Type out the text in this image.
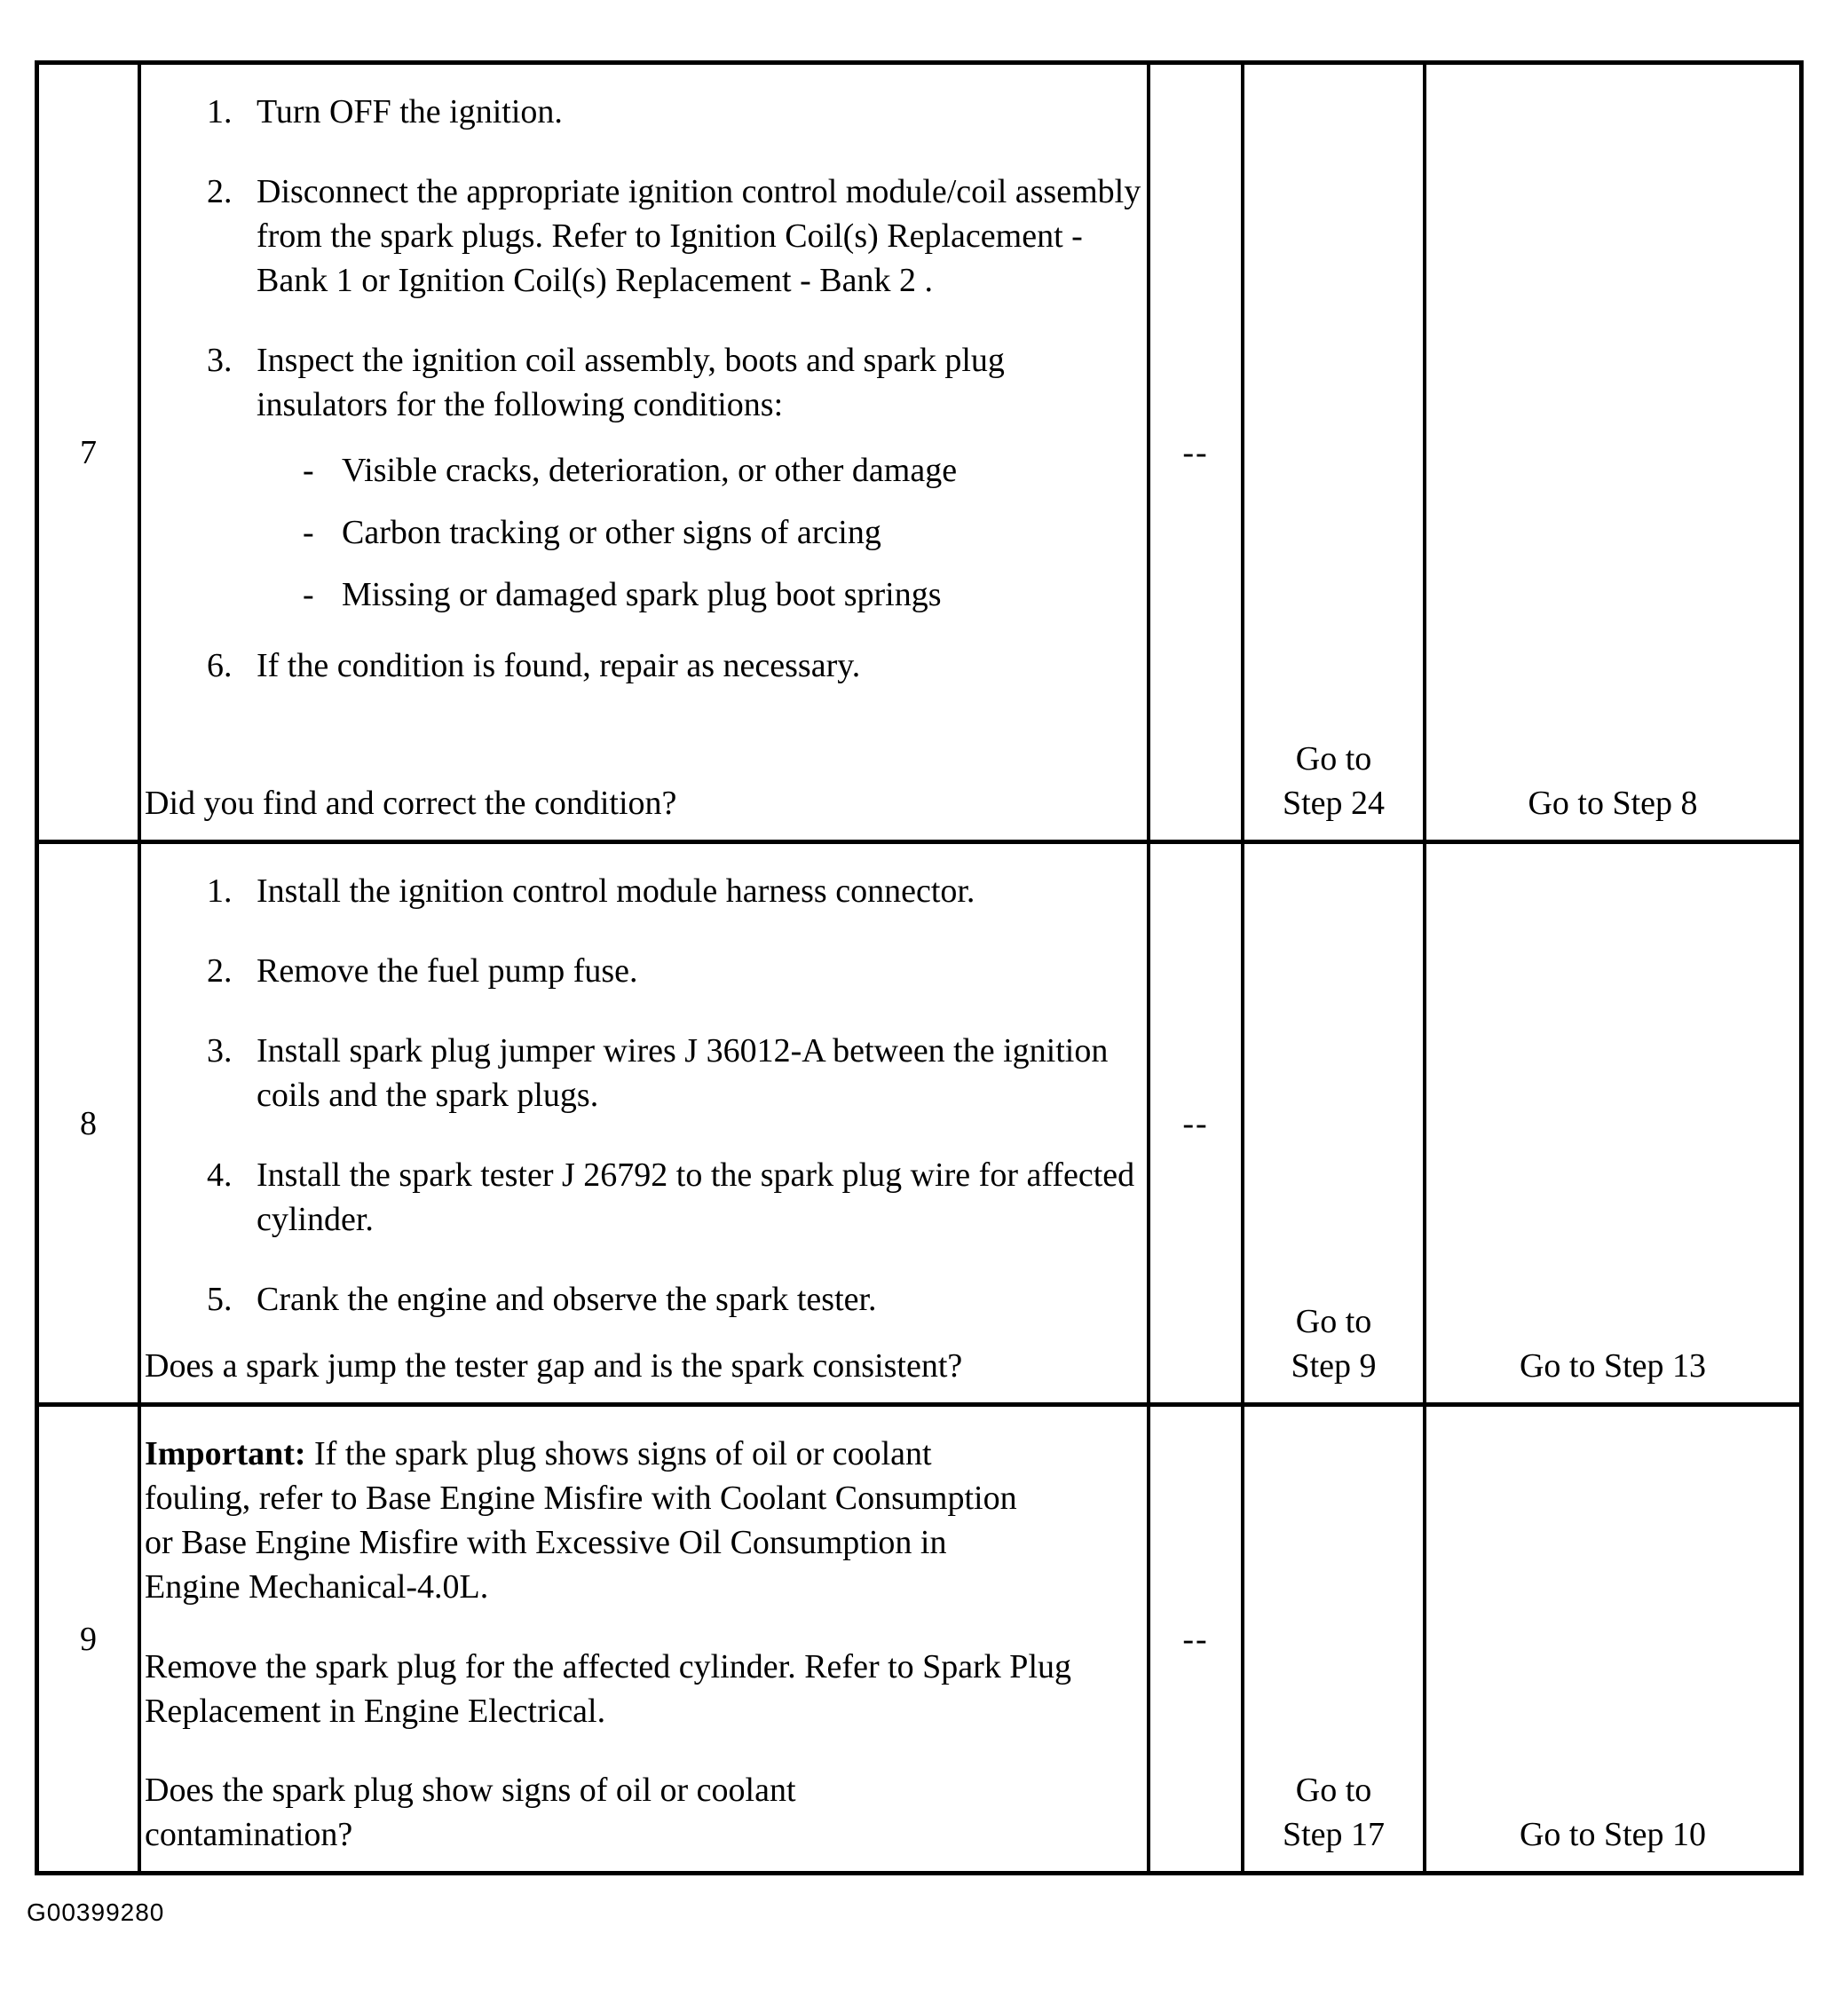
7
1. Turn OFF the ignition.
2. Disconnect the appropriate ignition control module/coil assembly from the spark plugs. Refer to Ignition Coil(s) Replacement - Bank 1 or Ignition Coil(s) Replacement - Bank 2 .
3. Inspect the ignition coil assembly, boots and spark plug insulators for the following conditions:
- Visible cracks, deterioration, or other damage
- Carbon tracking or other signs of arcing
- Missing or damaged spark plug boot springs
6. If the condition is found, repair as necessary.
Did you find and correct the condition?
--
Go to Step 24	Go to Step 8
8
1. Install the ignition control module harness connector.
2. Remove the fuel pump fuse.
3. Install spark plug jumper wires J 36012-A between the ignition coils and the spark plugs.
4. Install the spark tester J 26792 to the spark plug wire for affected cylinder.
5. Crank the engine and observe the spark tester.
Does a spark jump the tester gap and is the spark consistent?
--
Go to Step 9	Go to Step 13
9
Important: If the spark plug shows signs of oil or coolant fouling, refer to Base Engine Misfire with Coolant Consumption or Base Engine Misfire with Excessive Oil Consumption in Engine Mechanical-4.0L.
Remove the spark plug for the affected cylinder. Refer to Spark Plug Replacement in Engine Electrical.
Does the spark plug show signs of oil or coolant contamination?
--
Go to Step 17	Go to Step 10
G00399280
